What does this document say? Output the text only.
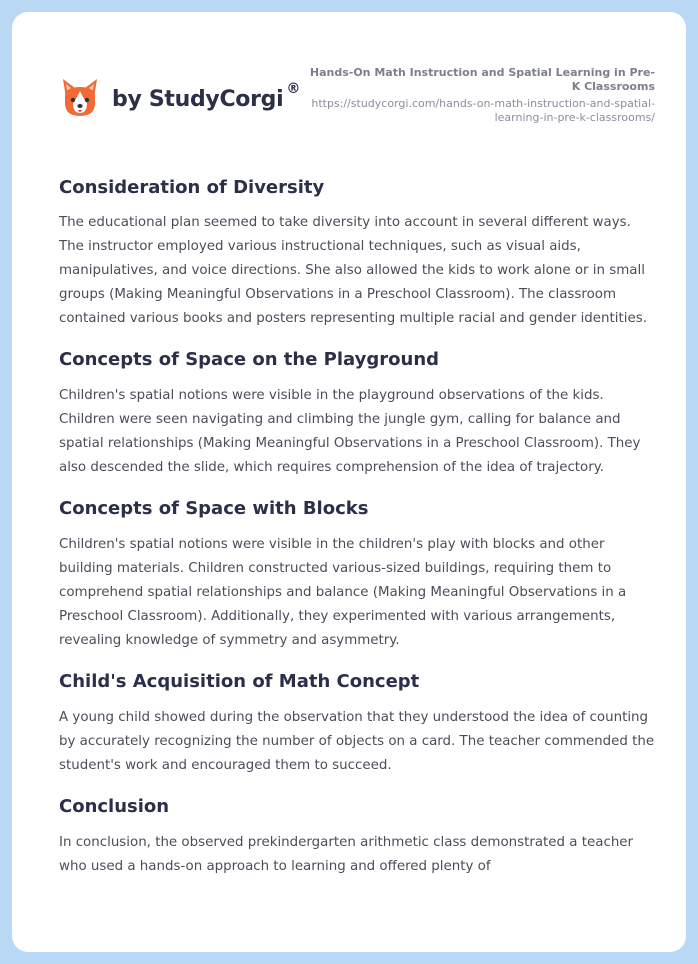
by StudyCorgi ®
Hands-On Math Instruction and Spatial Learning in Pre-K Classrooms
https://studycorgi.com/hands-on-math-instruction-and-spatial-learning-in-pre-k-classrooms/
Consideration of Diversity

The educational plan seemed to take diversity into account in several different ways. The instructor employed various instructional techniques, such as visual aids, manipulatives, and voice directions. She also allowed the kids to work alone or in small groups (Making Meaningful Observations in a Preschool Classroom). The classroom contained various books and posters representing multiple racial and gender identities.

Concepts of Space on the Playground

Children's spatial notions were visible in the playground observations of the kids. Children were seen navigating and climbing the jungle gym, calling for balance and spatial relationships (Making Meaningful Observations in a Preschool Classroom). They also descended the slide, which requires comprehension of the idea of trajectory.

Concepts of Space with Blocks

Children's spatial notions were visible in the children's play with blocks and other building materials. Children constructed various-sized buildings, requiring them to comprehend spatial relationships and balance (Making Meaningful Observations in a Preschool Classroom). Additionally, they experimented with various arrangements, revealing knowledge of symmetry and asymmetry.

Child's Acquisition of Math Concept

A young child showed during the observation that they understood the idea of counting by accurately recognizing the number of objects on a card. The teacher commended the student's work and encouraged them to succeed.

Conclusion

In conclusion, the observed prekindergarten arithmetic class demonstrated a teacher who used a hands-on approach to learning and offered plenty of
